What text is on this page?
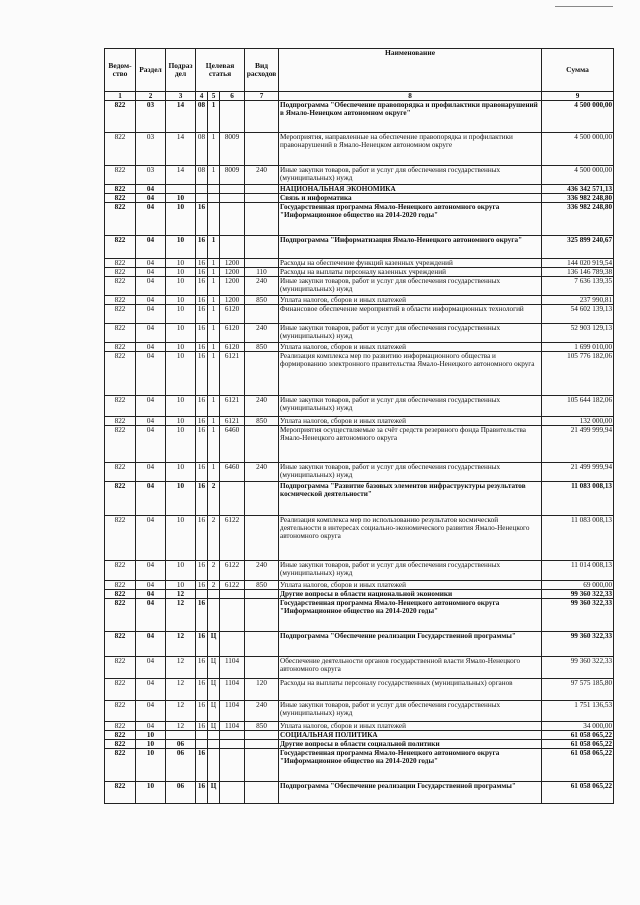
Ведом-ство	Раздел	Подраз дел	Целевая статья			Вид расходов	Наименование	Сумма
1	2	3	4	5	6	7	8	9
822	03	14	08	1			Подпрограмма "Обеспечение правопорядка и профилактики правонарушений в Ямало-Ненецком автономном округе"	4 500 000,00
822	03	14	08	1	8009		Мероприятия, направленные на обеспечение правопорядка и профилактики правонарушений в Ямало-Ненецком автономном округе	4 500 000,00
822	03	14	08	1	8009	240	Иные закупки товаров, работ и услуг для обеспечения государственных (муниципальных) нужд	4 500 000,00
822	04						НАЦИОНАЛЬНАЯ ЭКОНОМИКА	436 342 571,13
822	04	10					Связь и информатика	336 982 248,80
822	04	10	16				Государственная программа Ямало-Ненецкого автономного округа "Информационное общество на 2014-2020 годы"	336 982 248,80
822	04	10	16	1			Подпрограмма "Информатизация Ямало-Ненецкого автономного округа"	325 899 240,67
822	04	10	16	1	1200		Расходы на обеспечение функций казенных учреждений	144 020 919,54
822	04	10	16	1	1200	110	Расходы на выплаты персоналу казенных учреждений	136 146 789,38
822	04	10	16	1	1200	240	Иные закупки товаров, работ и услуг для обеспечения государственных (муниципальных) нужд	7 636 139,35
822	04	10	16	1	1200	850	Уплата налогов, сборов и иных платежей	237 990,81
822	04	10	16	1	6120		Финансовое обеспечение мероприятий в области информационных технологий	54 602 139,13
822	04	10	16	1	6120	240	Иные закупки товаров, работ и услуг для обеспечения государственных (муниципальных) нужд	52 903 129,13
822	04	10	16	1	6120	850	Уплата налогов, сборов и иных платежей	1 699 010,00
822	04	10	16	1	6121		Реализация комплекса мер по развитию информационного общества и формированию электронного правительства Ямало-Ненецкого автономного округа	105 776 182,06
822	04	10	16	1	6121	240	Иные закупки товаров, работ и услуг для обеспечения государственных (муниципальных) нужд	105 644 182,06
822	04	10	16	1	6121	850	Уплата налогов, сборов и иных платежей	132 000,00
822	04	10	16	1	6460		Мероприятия осуществляемые за счёт средств резервного фонда Правительства Ямало-Ненецкого автономного округа	21 499 999,94
822	04	10	16	1	6460	240	Иные закупки товаров, работ и услуг для обеспечения государственных (муниципальных) нужд	21 499 999,94
822	04	10	16	2			Подпрограмма "Развитие базовых элементов инфраструктуры результатов космической деятельности"	11 083 008,13
822	04	10	16	2	6122		Реализация комплекса мер по использованию результатов космической деятельности в интересах социально-экономического развития Ямало-Ненецкого автономного округа	11 083 008,13
822	04	10	16	2	6122	240	Иные закупки товаров, работ и услуг для обеспечения государственных (муниципальных) нужд	11 014 008,13
822	04	10	16	2	6122	850	Уплата налогов, сборов и иных платежей	69 000,00
822	04	12					Другие вопросы в области национальной экономики	99 360 322,33
822	04	12	16				Государственная программа Ямало-Ненецкого автономного округа "Информационное общество на 2014-2020 годы"	99 360 322,33
822	04	12	16	Ц			Подпрограмма "Обеспечение реализации Государственной программы"	99 360 322,33
822	04	12	16	Ц	1104		Обеспечение деятельности органов государственной власти Ямало-Ненецкого автономного округа	99 360 322,33
822	04	12	16	Ц	1104	120	Расходы на выплаты персоналу государственных (муниципальных) органов	97 575 185,80
822	04	12	16	Ц	1104	240	Иные закупки товаров, работ и услуг для обеспечения государственных (муниципальных) нужд	1 751 136,53
822	04	12	16	Ц	1104	850	Уплата налогов, сборов и иных платежей	34 000,00
822	10						СОЦИАЛЬНАЯ ПОЛИТИКА	61 058 065,22
822	10	06					Другие вопросы в области социальной политики	61 058 065,22
822	10	06	16				Государственная программа Ямало-Ненецкого автономного округа "Информационное общество на 2014-2020 годы"	61 058 065,22
822	10	06	16	Ц			Подпрограмма "Обеспечение реализации Государственной программы"	61 058 065,22
